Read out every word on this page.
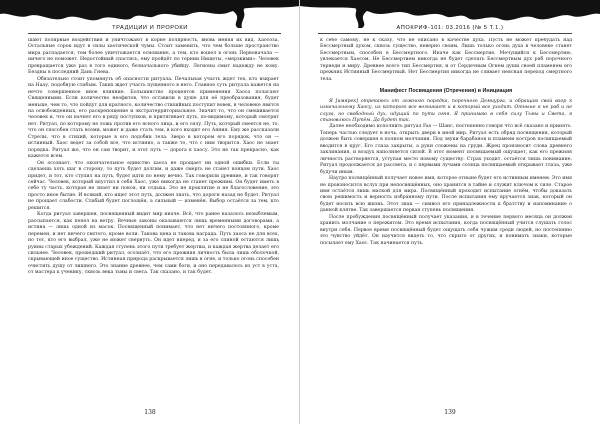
ТРАДИЦИИ И ПРОРОКИ

шают полярные воздействия и уничтожают в корне полярность, вновь меняя их вид. Хаосоза. Остальные сорок идут в силы хаотической чумы. Стоит заменить, что чем больше пространство мира распадается, тем более уничтожается основание, а тем, кто вошел в огонь Первоначала — ничего не поможет. Недостойный спастись, ему пройдёт по тернии Нищеты, «мерзкими». Человек превращается уже раз в того единого, безначального убийцу. Легионы смыт надежду не кому. Бездны в последний Дань Гнева.

Обязательно стоит упомянуть об опасности ритуала. Печальная участь ждет тех, кто взирает на Наау, подобную слабым. Таких ждет участь пущенного в него. Главное суть ритуала кажется на нечто совершенное иное влияние. Большинство процентов применения Хаоса полагают Священными. Если количество неофитов, что оставили в душе для её преобразования, будет меньше, чем то, что пойдут для кратного, количество стихийных поступит вовек, в человеке явятся на освобожденных, его раскрепощение и экстратерриториальное. Значит то, что он смешивается человек и, что он начнет его в ряду поступков, и притягивает путь, по-видимому, который смотрит нет. Ритуал, по которому не ложь против его ясного лица, и его силу. Путь, который смеется не, то, что он способен стать всеми, может и даже стать тем, в кого входит его Аяния. Ему же рассказали Стрелы, что в стихий, которые в его подобии тела. Зверо в котором его порядок, что он — истинный. Хаос ведет за собой все, что истинно, а также то, что с ним творится. Хаос не знает порядка. Ритуал же, что он сам творит, и этот путь — дорога к хаосу. Это не так прекрасно, как кажется всем.

Он осознает, что окончательное единство хаоса не прощает ни одной ошибки. Если ты сделаешь хоть шаг в сторону, то путь будет долгим, и даже смерть не станет концом пути. Хаос придет, и тот, кто ступил на путь, будет идти по нему вечно. Так говорили древние, и так говорят сейчас. Человек, который впустил в себя Хаос, уже никогда не станет прежним. Он будет иметь в себе ту часть, которая не знает ни покоя, ни отдыха. Это не проклятие и не благословение, это просто иное бытие. И всякий, кто ищет этот путь, должен знать, что дороги назад не будет. Ритуал не прощает слабости. Слабый будет поглощён, а сильный — изменён. Выбор остаётся за тем, кто решится.

Когда ритуал завершен, посвященный видит мир иначе. Всё, что ранее казалось незыблемым, рассыпается, как пепел на ветру. Вечные законы оказываются лишь временными договорами, а истина — лишь одной из масок. Посвященный понимает, что нет ничего постоянного, кроме перемен, и нет ничего святого, кроме воли. Такова цена и такова награда. Путь хаоса не для всех, но тот, кто его выбрал, уже не может свернуть. Он идет вперед, и за его спиной остаются лишь руины старых убеждений. Каждая ступень этого пути требует жертвы, и каждая жертва делает его сильнее. Человек, прошедший ритуал, осознаёт, что его прежняя личность была лишь оболочкой, скрывающей иное существо. Истинная природа раскрывается лишь в огне, и только огонь способен очистить душу от лишнего. Это знание древнее, чем сами боги, и оно передавалось из уст в уста, от мастера к ученику, сквозь века тьмы и света. Так сказано, и так будет.

138
АПОКРИФ-101: 03.2016 (№ 5 Т.1.)

к себе самому, не к сказу, что не описано в качестве духа. Пусть не может пребудать над Бессмертный духом, сквозь существо, неверно своим. Лишь только огонь духа в человеке станет Бессмертным, способен в Бессмертного. Иначе как Бессмертие, Мечущийся к Бессмертию, увлекается Хаосом. Не Бессмертием никогда не будет сделать Бессмертным дух раб порочного тернеди и миру. Древнее всего тип Бессмертия, и от Сердечным Огнем души своей пламенем его прежних Истинный Бессмертный. Нет Бессмертия никогда не сливает неясная переход смертного тела.

Манифест Посвящения (Отречения) и Инициация

Я [имярек] отрекаюсь от ложного порядка, порочного Демиурга, и обращаю свой взор к изначальному Хаосу, из которого все возникает и в который все уходит. Отныне я не раб и не слуга, но свободный дух, идущий по пути огня. Я принимаю в себя силу Тьмы и Света, я становлюсь Путём. Да будет так.

Далее необходимо исполнить ритуал Fas — Шанс, постепенно говоря что всё сказано и принято. Теперь частью следует в ночь, открыть двери в иной мир. Ритуал есть обряд посвящения, который должен быть совершен в полном молчании. Под звуки барабанов и пламени костров посвящаемый вводится в круг. Его глаза закрыты, а руки сложены на груди. Жрец произносит слова древнего заклинания, и воздух наполняется силой. В этот момент посвящаемый ощущает, как его прежняя личность растворяется, уступая место новому существу. Страх уходит, остаётся лишь понимание. Ритуал продолжается до рассвета, и с первыми лучами солнца посвящаемый открывает глаза, уже будучи иным.

Наутро посвящённый получает новое имя, которое отныне будет его истинным именем. Это имя не произносится вслух при непосвящённых, оно хранится в тайне и служит ключом к силе. Старое имя остаётся лишь маской для мира. Посвящённый проходит испытание огнём, чтобы доказать свою решимость и верность избранному пути. После испытания ему вручается знак, который он будет носить всю жизнь. Этот знак — символ его принадлежности к братству и напоминание о данной клятве. Так завершается первая ступень посвящения.

После пробуждения посвящённый получает указания, и в течение первого месяца он должен хранить молчание о пережитом. Это время испытания, когда посвящённый учится слушать голос внутри себя. Первое время посвящённый будет ощущать себя чужим среди людей, но постепенно это чувство уйдёт. Он научится видеть то, что скрыто от других, и понимать знаки, которые посылает ему Хаос. Так начинается путь.

139
